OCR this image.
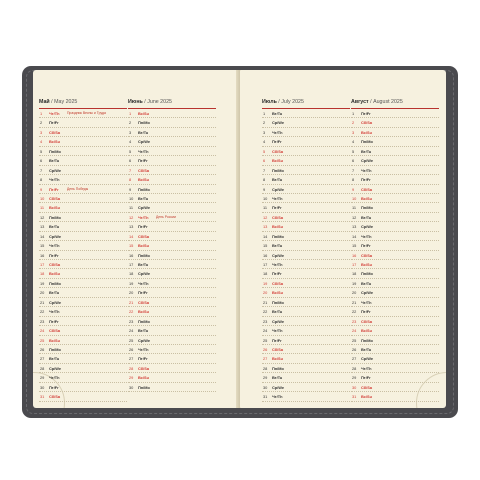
Май / May 2025
1 Чт/Th Праздник Весны и Труда
2 Пт/Fr
3 Сб/Sa
4 Вс/Su
5 Пн/Mo
6 Вт/Tu
7 Ср/We
8 Чт/Th
9 Пт/Fr День Победы
10 Сб/Sa
11 Вс/Su
12 Пн/Mo
13 Вт/Tu
14 Ср/We
15 Чт/Th
16 Пт/Fr
17 Сб/Sa
18 Вс/Su
19 Пн/Mo
20 Вт/Tu
21 Ср/We
22 Чт/Th
23 Пт/Fr
24 Сб/Sa
25 Вс/Su
26 Пн/Mo
27 Вт/Tu
28 Ср/We
29 Чт/Th
30 Пт/Fr
31 Сб/Sa
Июнь / June 2025
1 Вс/Su
2 Пн/Mo
3 Вт/Tu
4 Ср/We
5 Чт/Th
6 Пт/Fr
7 Сб/Sa
8 Вс/Su
9 Пн/Mo
10 Вт/Tu
11 Ср/We
12 Чт/Th День России
13 Пт/Fr
14 Сб/Sa
15 Вс/Su
16 Пн/Mo
17 Вт/Tu
18 Ср/We
19 Чт/Th
20 Пт/Fr
21 Сб/Sa
22 Вс/Su
23 Пн/Mo
24 Вт/Tu
25 Ср/We
26 Чт/Th
27 Пт/Fr
28 Сб/Sa
29 Вс/Su
30 Пн/Mo
Июль / July 2025
1 Вт/Tu
2 Ср/We
3 Чт/Th
4 Пт/Fr
5 Сб/Sa
6 Вс/Su
7 Пн/Mo
8 Вт/Tu
9 Ср/We
10 Чт/Th
11 Пт/Fr
12 Сб/Sa
13 Вс/Su
14 Пн/Mo
15 Вт/Tu
16 Ср/We
17 Чт/Th
18 Пт/Fr
19 Сб/Sa
20 Вс/Su
21 Пн/Mo
22 Вт/Tu
23 Ср/We
24 Чт/Th
25 Пт/Fr
26 Сб/Sa
27 Вс/Su
28 Пн/Mo
29 Вт/Tu
30 Ср/We
31 Чт/Th
Август / August 2025
1 Пт/Fr
2 Сб/Sa
3 Вс/Su
4 Пн/Mo
5 Вт/Tu
6 Ср/We
7 Чт/Th
8 Пт/Fr
9 Сб/Sa
10 Вс/Su
11 Пн/Mo
12 Вт/Tu
13 Ср/We
14 Чт/Th
15 Пт/Fr
16 Сб/Sa
17 Вс/Su
18 Пн/Mo
19 Вт/Tu
20 Ср/We
21 Чт/Th
22 Пт/Fr
23 Сб/Sa
24 Вс/Su
25 Пн/Mo
26 Вт/Tu
27 Ср/We
28 Чт/Th
29 Пт/Fr
30 Сб/Sa
31 Вс/Su
